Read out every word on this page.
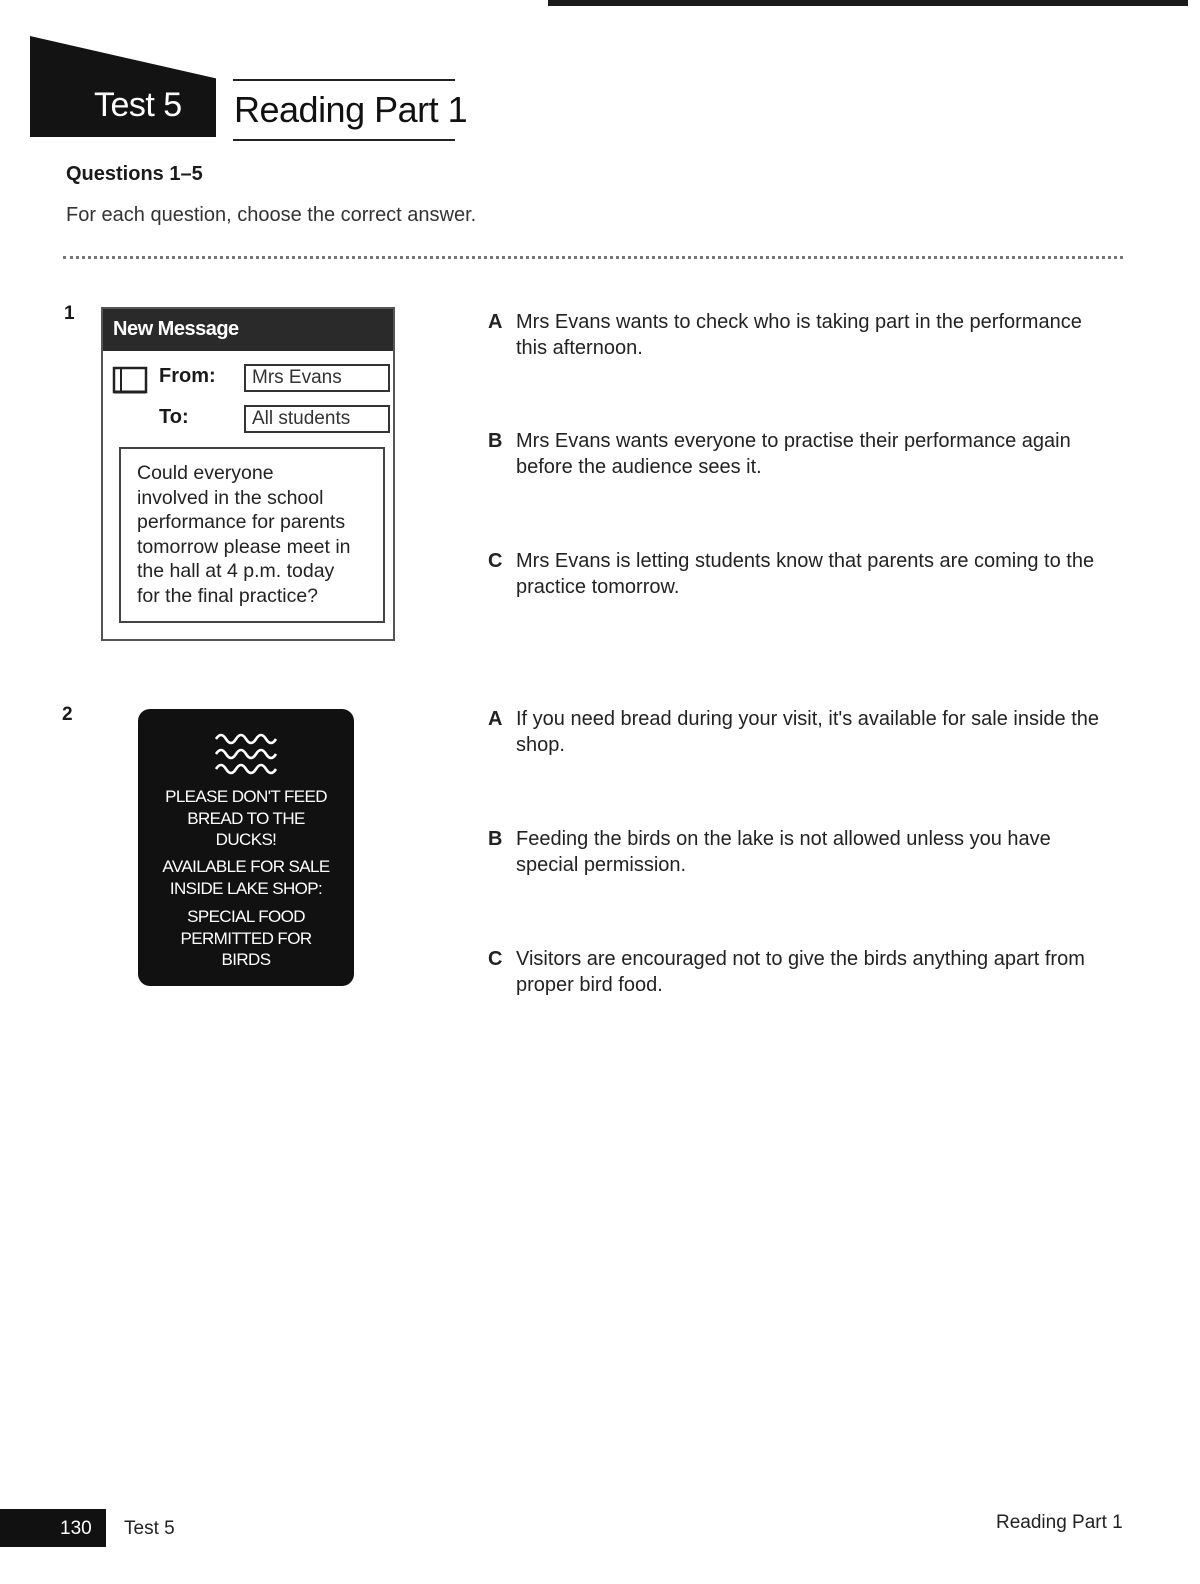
Test 5 Reading Part 1
Questions 1–5
For each question, choose the correct answer.
1
New Message
From:	Mrs Evans
To:	All students
Could everyone
involved in the school
performance for parents
tomorrow please meet in
the hall at 4 p.m. today
for the final practice?
A Mrs Evans wants to check who is taking part in the performance this afternoon.
B Mrs Evans wants everyone to practise their performance again before the audience sees it.
C Mrs Evans is letting students know that parents are coming to the practice tomorrow.
2
PLEASE DON'T FEED
BREAD TO THE
DUCKS!
AVAILABLE FOR SALE
INSIDE LAKE SHOP:
SPECIAL FOOD
PERMITTED FOR
BIRDS
A If you need bread during your visit, it's available for sale inside the shop.
B Feeding the birds on the lake is not allowed unless you have special permission.
C Visitors are encouraged not to give the birds anything apart from proper bird food.
130 Test 5	Reading Part 1
